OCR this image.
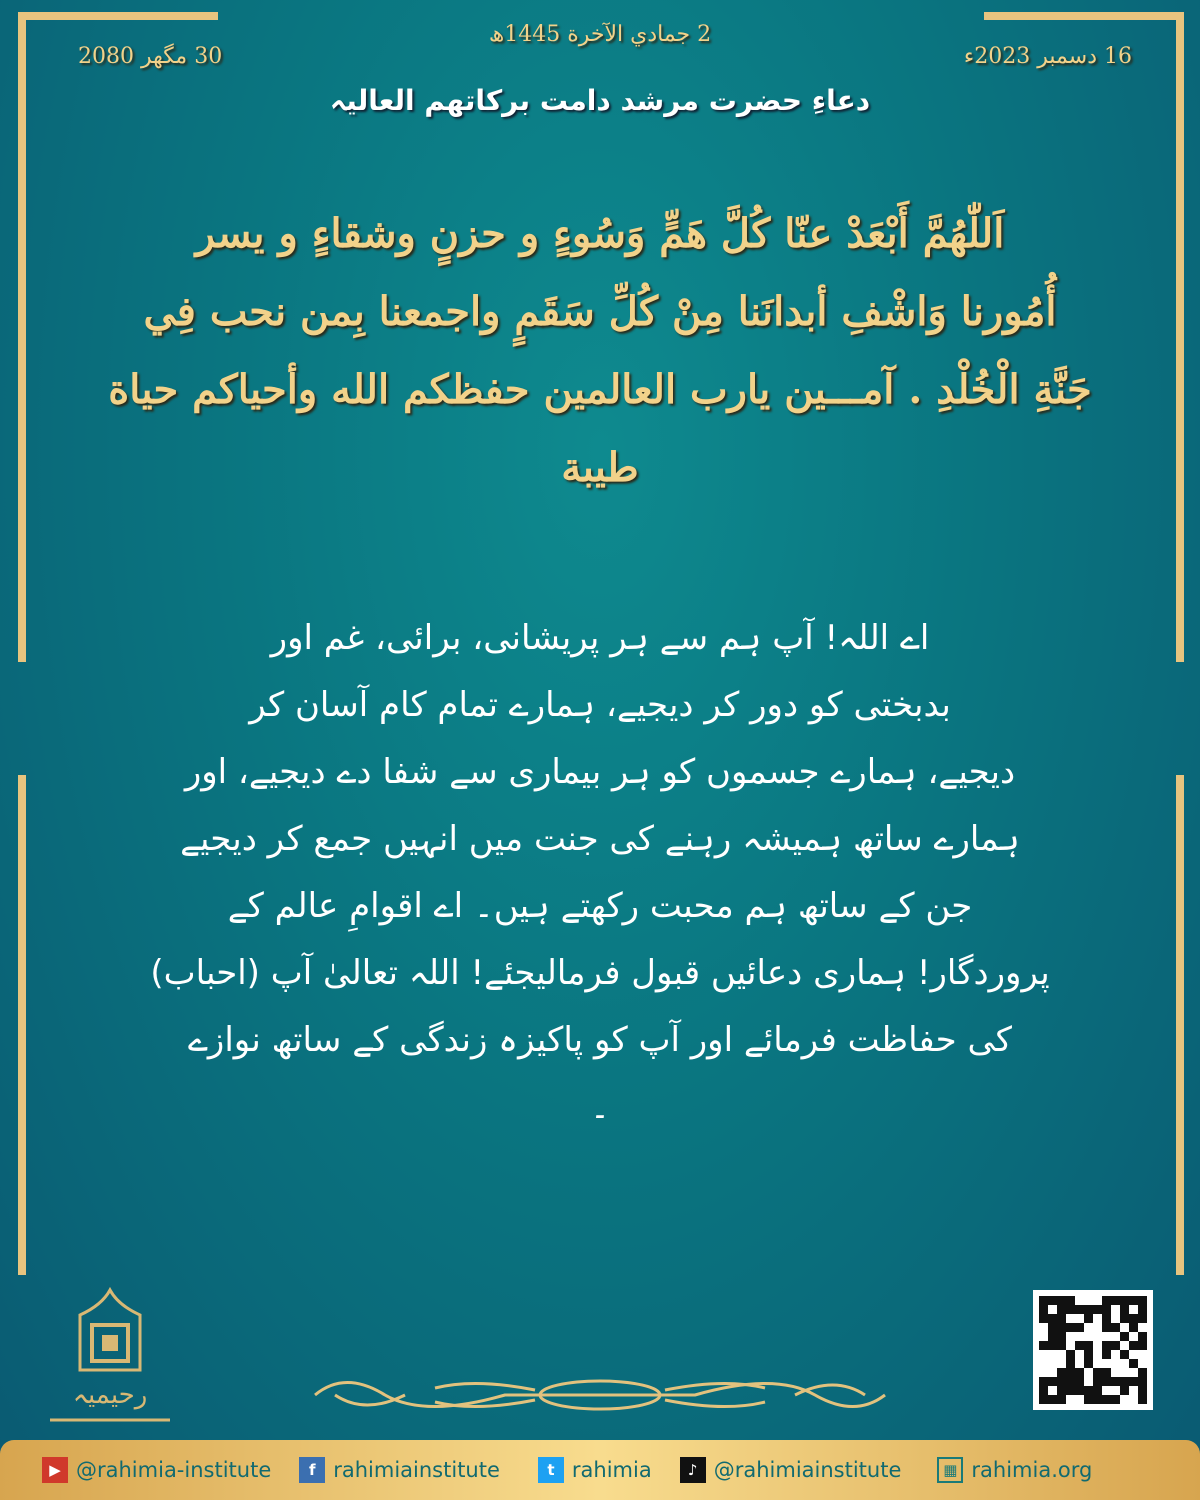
16 دسمبر 2023ء
30 مگھر 2080
2 جمادي الآخرة 1445ھ
دعاءِ حضرت مرشد دامت برکاتھم العالیہ
اَللّٰهُمَّ أَبْعَدْ عنّا كُلَّ هَمٍّ وَسُوءٍ و حزنٍ وشقاءٍ و يسر
أُمُورنا وَاشْفِ أبدانَنا مِنْ كُلِّ سَقَمٍ واجمعنا بِمن نحب فِي
جَنَّةِ الْخُلْدِ . آمـــين يارب العالمين حفظكم الله وأحياكم حياة
طيبة
اے اللہ! آپ ہم سے ہر پریشانی، برائی، غم اور
بدبختی کو دور کر دیجیے، ہمارے تمام کام آسان کر
دیجیے، ہمارے جسموں کو ہر بیماری سے شفا دے دیجیے، اور
ہمارے ساتھ ہمیشہ رہنے کی جنت میں انہیں جمع کر دیجیے
جن کے ساتھ ہم محبت رکھتے ہیں۔ اے اقوامِ عالم کے
پروردگار! ہماری دعائیں قبول فرمالیجئے! اللہ تعالیٰ آپ (احباب)
کی حفاظت فرمائے اور آپ کو پاکیزہ زندگی کے ساتھ نوازے
۔
رحیمیہ
▶ @rahimia-institute	f rahimiainstitute	t rahimia	♪ @rahimiainstitute	▦ rahimia.org
